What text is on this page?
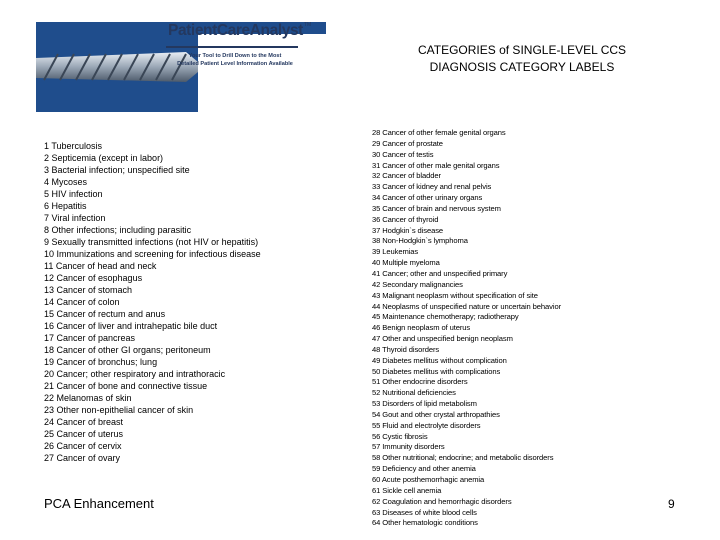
PatientCareAnalyst TM
Your Tool to Drill Down to the Most
Detailed Patient Level Information Available
CATEGORIES of SINGLE-LEVEL CCS
DIAGNOSIS CATEGORY LABELS
1 Tuberculosis
2 Septicemia (except in labor)
3 Bacterial infection; unspecified site
4 Mycoses
5 HIV infection
6 Hepatitis
7 Viral infection
8 Other infections; including parasitic
9 Sexually transmitted infections (not HIV or hepatitis)
10 Immunizations and screening for infectious disease
11 Cancer of head and neck
12 Cancer of esophagus
13 Cancer of stomach
14 Cancer of colon
15 Cancer of rectum and anus
16 Cancer of liver and intrahepatic bile duct
17 Cancer of pancreas
18 Cancer of other GI organs; peritoneum
19 Cancer of bronchus; lung
20 Cancer; other respiratory and intrathoracic
21 Cancer of bone and connective tissue
22 Melanomas of skin
23 Other non-epithelial cancer of skin
24 Cancer of breast
25 Cancer of uterus
26 Cancer of cervix
27 Cancer of ovary
28 Cancer of other female genital organs
29 Cancer of prostate
30 Cancer of testis
31 Cancer of other male genital organs
32 Cancer of bladder
33 Cancer of kidney and renal pelvis
34 Cancer of other urinary organs
35 Cancer of brain and nervous system
36 Cancer of thyroid
37 Hodgkin`s disease
38 Non-Hodgkin`s lymphoma
39 Leukemias
40 Multiple myeloma
41 Cancer; other and unspecified primary
42 Secondary malignancies
43 Malignant neoplasm without specification of site
44 Neoplasms of unspecified nature or uncertain behavior
45 Maintenance chemotherapy; radiotherapy
46 Benign neoplasm of uterus
47 Other and unspecified benign neoplasm
48 Thyroid disorders
49 Diabetes mellitus without complication
50 Diabetes mellitus with complications
51 Other endocrine disorders
52 Nutritional deficiencies
53 Disorders of lipid metabolism
54 Gout and other crystal arthropathies
55 Fluid and electrolyte disorders
56 Cystic fibrosis
57 Immunity disorders
58 Other nutritional; endocrine; and metabolic disorders
59 Deficiency and other anemia
60 Acute posthemorrhagic anemia
61 Sickle cell anemia
62 Coagulation and hemorrhagic disorders
63 Diseases of white blood cells
64 Other hematologic conditions
PCA Enhancement	9
